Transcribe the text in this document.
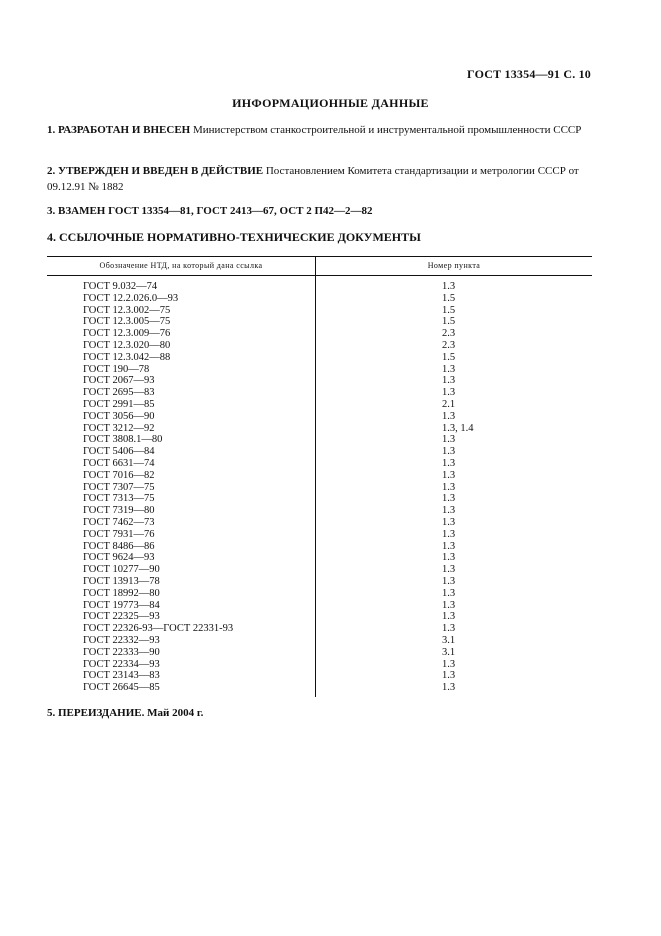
ГОСТ 13354—91 С. 10
ИНФОРМАЦИОННЫЕ ДАННЫЕ
1. РАЗРАБОТАН И ВНЕСЕН Министерством станкостроительной и инструментальной промышленности СССР
2. УТВЕРЖДЕН И ВВЕДЕН В ДЕЙСТВИЕ Постановлением Комитета стандартизации и метрологии СССР от 09.12.91 № 1882
3. ВЗАМЕН ГОСТ 13354—81, ГОСТ 2413—67, ОСТ 2 П42—2—82
4. ССЫЛОЧНЫЕ НОРМАТИВНО-ТЕХНИЧЕСКИЕ ДОКУМЕНТЫ
Обозначение НТД, на который дана ссылка	Номер пункта
ГОСТ 9.032—74
ГОСТ 12.2.026.0—93
ГОСТ 12.3.002—75
ГОСТ 12.3.005—75
ГОСТ 12.3.009—76
ГОСТ 12.3.020—80
ГОСТ 12.3.042—88
ГОСТ 190—78
ГОСТ 2067—93
ГОСТ 2695—83
ГОСТ 2991—85
ГОСТ 3056—90
ГОСТ 3212—92
ГОСТ 3808.1—80
ГОСТ 5406—84
ГОСТ 6631—74
ГОСТ 7016—82
ГОСТ 7307—75
ГОСТ 7313—75
ГОСТ 7319—80
ГОСТ 7462—73
ГОСТ 7931—76
ГОСТ 8486—86
ГОСТ 9624—93
ГОСТ 10277—90
ГОСТ 13913—78
ГОСТ 18992—80
ГОСТ 19773—84
ГОСТ 22325—93
ГОСТ 22326-93—ГОСТ 22331-93
ГОСТ 22332—93
ГОСТ 22333—90
ГОСТ 22334—93
ГОСТ 23143—83
ГОСТ 26645—85
1.3
1.5
1.5
1.5
2.3
2.3
1.5
1.3
1.3
1.3
2.1
1.3
1.3, 1.4
1.3
1.3
1.3
1.3
1.3
1.3
1.3
1.3
1.3
1.3
1.3
1.3
1.3
1.3
1.3
1.3
1.3
3.1
3.1
1.3
1.3
1.3
5. ПЕРЕИЗДАНИЕ. Май 2004 г.
